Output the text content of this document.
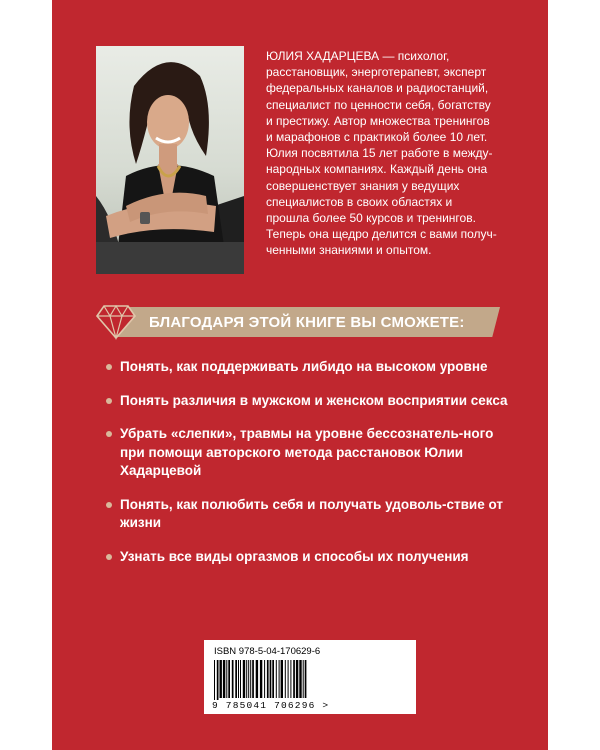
ЮЛИЯ ХАДАРЦЕВА — психолог,

расстановщик, энерготерапевт, эксперт

федеральных каналов и радиостанций,

специалист по ценности себя, богатству

и престижу. Автор множества тренингов

и марафонов с практикой более 10 лет.

Юлия посвятила 15 лет работе в между-

народных компаниях. Каждый день она

совершенствует знания у ведущих

специалистов в своих областях и

прошла более 50 курсов и тренингов.

Теперь она щедро делится с вами получ-

ченными знаниями и опытом.

БЛАГОДАРЯ ЭТОЙ КНИГЕ ВЫ СМОЖЕТЕ:
Понять, как поддерживать либидо на высоком уровне
Понять различия в мужском и женском восприятии секса
Убрать «слепки», травмы на уровне бессознатель-ного при помощи авторского метода расстановок Юлии Хадарцевой
Понять, как полюбить себя и получать удоволь-ствие от жизни
Узнать все виды оргазмов и способы их получения
ISBN 978-5-04-170629-6
9 785041 706296 >
